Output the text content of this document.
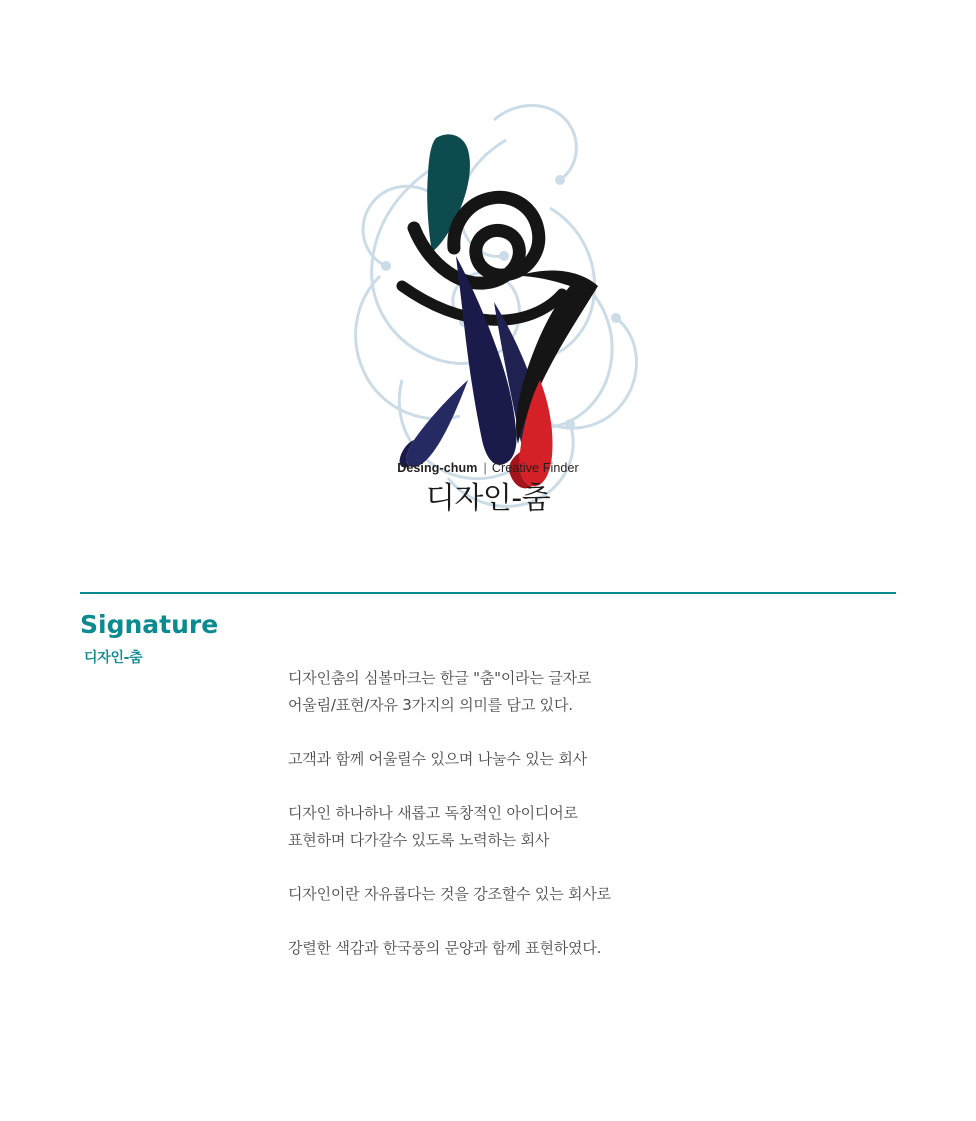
Desing-chum | Creative Finder
디자인-춤
Signature
디자인-춤

디자인춤의 심볼마크는 한글 "춤"이라는 글자로
어울림/표현/자유 3가지의 의미를 담고 있다.

고객과 함께 어울릴수 있으며 나눌수 있는 회사

디자인 하나하나 새롭고 독창적인 아이디어로
표현하며 다가갈수 있도록 노력하는 회사

디자인이란 자유롭다는 것을 강조할수 있는 회사로

강렬한 색감과 한국풍의 문양과 함께 표현하였다.
